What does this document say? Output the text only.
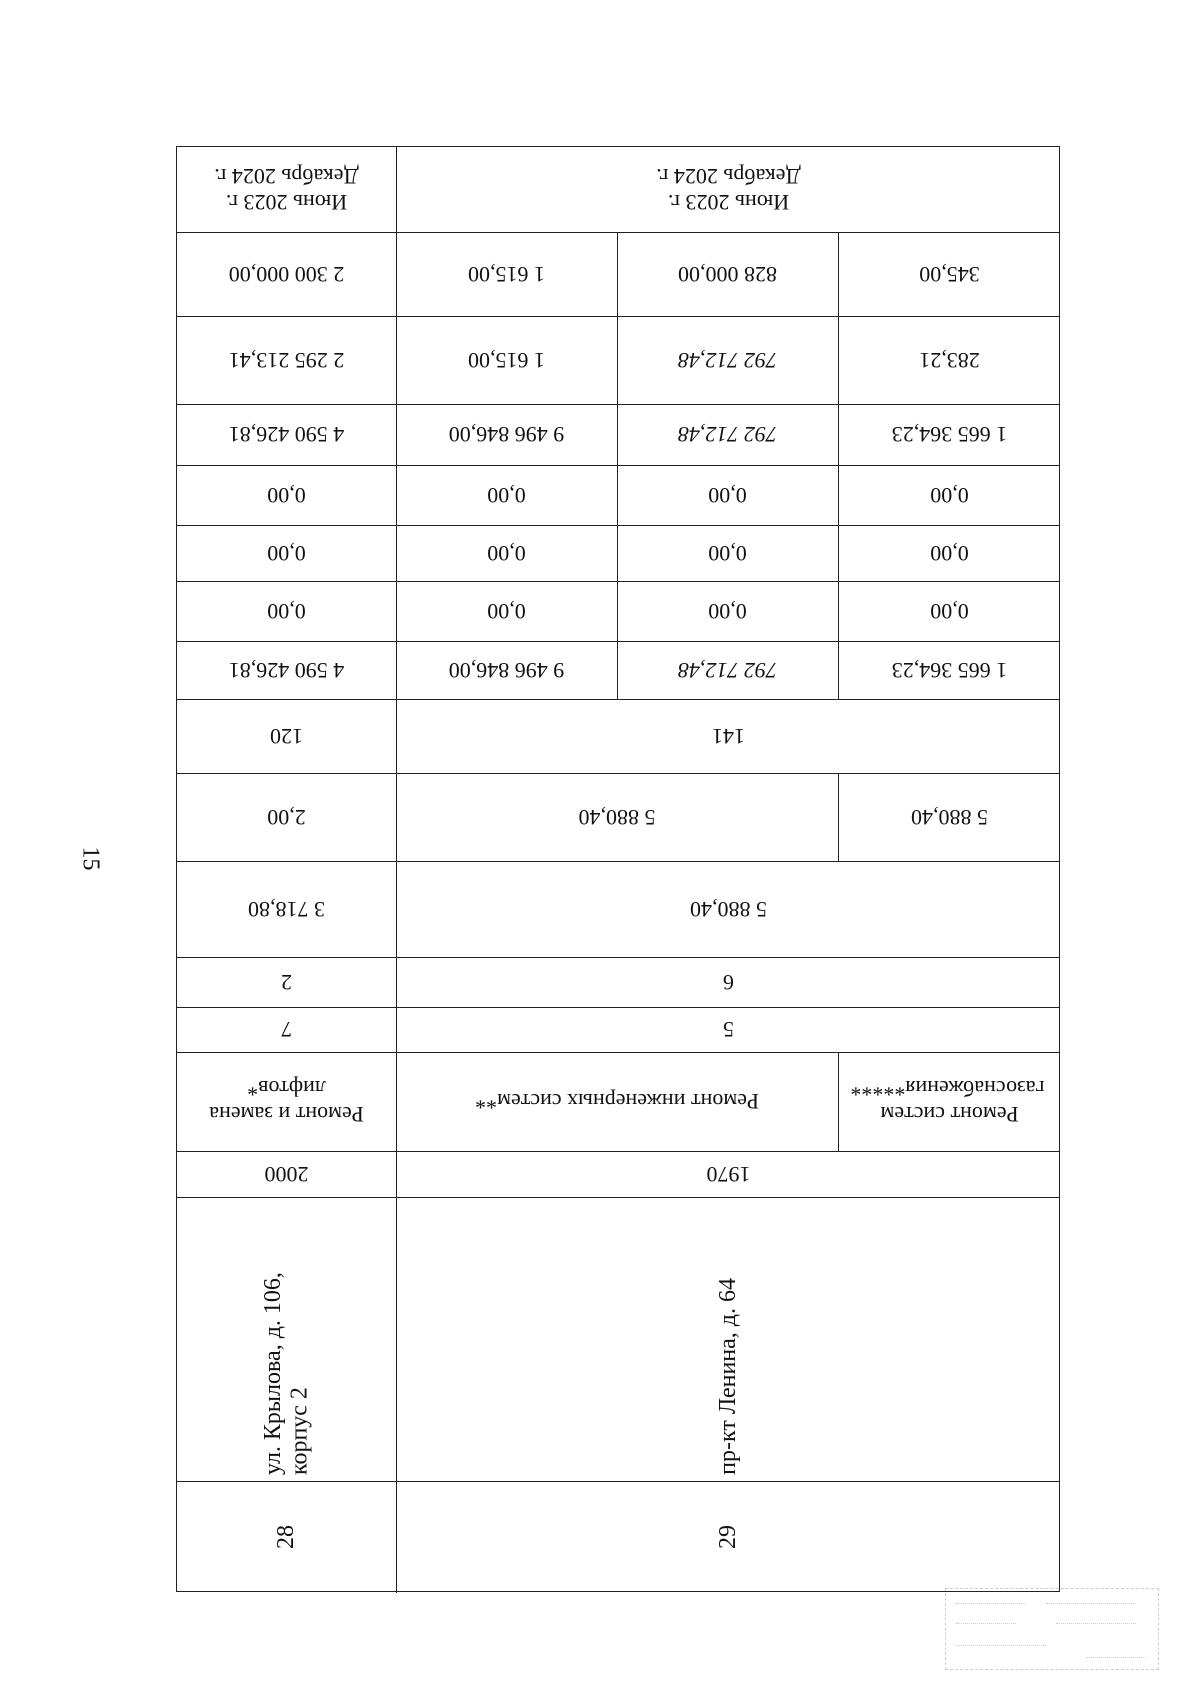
15
Июнь 2023 г. Декабрь 2024 г.
2 300 000,00
2 295 213,41
4 590 426,81
0,00
0,00
0,00
4 590 426,81
120
2,00
3 718,80
2
7
Ремонт и замена лифтов*
2000
ул. Крылова, д. 106, корпус 2
28
Июнь 2023 г. Декабрь 2024 г.
1 615,00
1 615,00
9 496 846,00
0,00
0,00
0,00
9 496 846,00
828 000,00
792 712,48
792 712,48
0,00
0,00
0,00
792 712,48
345,00
283,21
1 665 364,23
0,00
0,00
0,00
1 665 364,23
141
5 880,40	5 880,40
5 880,40
6
5
Ремонт инженерных систем**
Ремонт систем газоснабжения*****
1970
пр-кт Ленина, д. 64
29
